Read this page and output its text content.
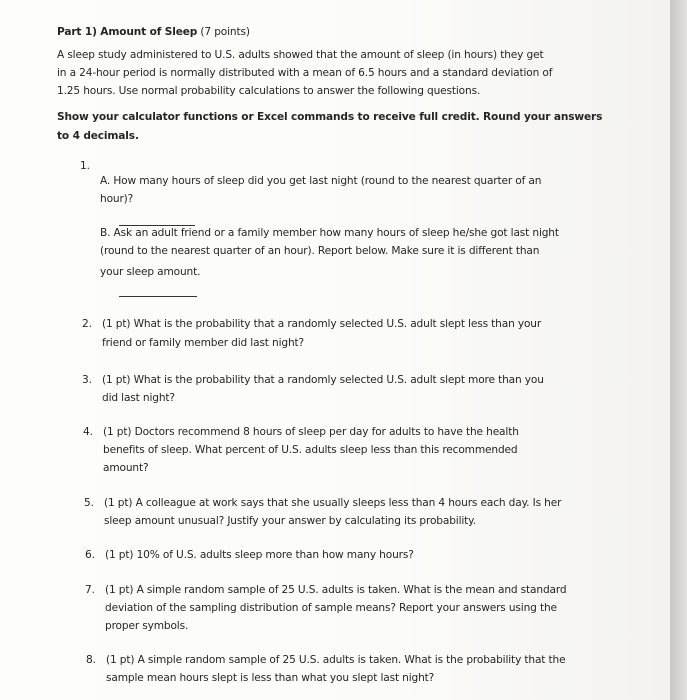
Part 1) Amount of Sleep (7 points)
A sleep study administered to U.S. adults showed that the amount of sleep (in hours) they get
in a 24-hour period is normally distributed with a mean of 6.5 hours and a standard deviation of
1.25 hours. Use normal probability calculations to answer the following questions.
Show your calculator functions or Excel commands to receive full credit. Round your answers
to 4 decimals.
1.
A. How many hours of sleep did you get last night (round to the nearest quarter of an
hour)?
B. Ask an adult friend or a family member how many hours of sleep he/she got last night
(round to the nearest quarter of an hour). Report below. Make sure it is different than
your sleep amount.
2. (1 pt) What is the probability that a randomly selected U.S. adult slept less than your
friend or family member did last night?
3. (1 pt) What is the probability that a randomly selected U.S. adult slept more than you
did last night?
4. (1 pt) Doctors recommend 8 hours of sleep per day for adults to have the health
benefits of sleep. What percent of U.S. adults sleep less than this recommended
amount?
5. (1 pt) A colleague at work says that she usually sleeps less than 4 hours each day. Is her
sleep amount unusual? Justify your answer by calculating its probability.
6. (1 pt) 10% of U.S. adults sleep more than how many hours?
7. (1 pt) A simple random sample of 25 U.S. adults is taken. What is the mean and standard
deviation of the sampling distribution of sample means? Report your answers using the
proper symbols.
8. (1 pt) A simple random sample of 25 U.S. adults is taken. What is the probability that the
sample mean hours slept is less than what you slept last night?
